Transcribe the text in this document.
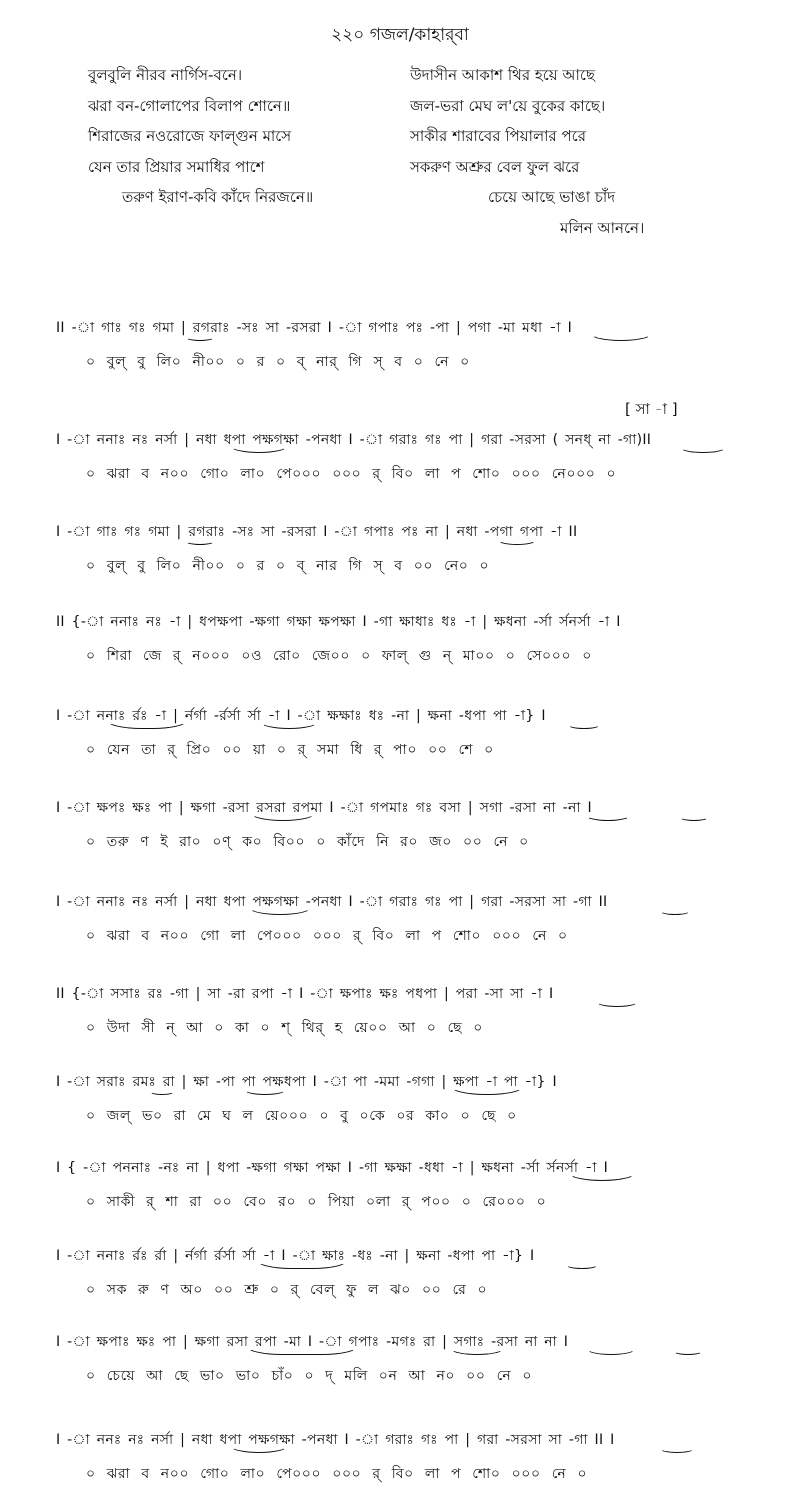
২২০ গজল/কাহার্‌বা
বুলবুলি নীরব নার্গিস-বনে।
ঝরা বন-গোলাপের বিলাপ শোনে॥
শিরাজের নওরোজে ফাল্গুন মাসে
যেন তার প্রিয়ার সমাধির পাশে
তরুণ ইরাণ-কবি কাঁদে নিরজনে॥
উদাসীন আকাশ থির হয়ে আছে
জল-ভরা মেঘ ল'য়ে বুকের কাছে।
সাকীর শারাবের পিয়ালার পরে
সকরুণ অশ্রুর বেল ফুল ঝরে
চেয়ে আছে ভাঙা চাঁদ
মলিন আননে।
[ সা -া ]
II -া গাঃ গঃ গমা | রগরাঃ -সঃ সা -রসরা I -া গপাঃ পঃ -পা | পগা -মা মধা -া I
০ বুল্ বু লি০ নী০০ ০ র ০ ব্ নার্ গি স্ ব ০ নে ০
I -া ননাঃ নঃ নর্সা | নধা ধপা পক্ষগক্ষা -পনধা I -া গরাঃ গঃ পা | গরা -সরসা ( সনধ্ না -গা)II
০ ঝরা ব ন০০ গো০ লা০ পে০০০ ০০০ র্ বি০ লা প শো০ ০০০ নে০০০ ০
I -া গাঃ গঃ গমা | রগরাঃ -সঃ সা -রসরা I -া গপাঃ পঃ না | নধা -পগা গপা -া II
০ বুল্ বু লি০ নী০০ ০ র ০ ব্ নার গি স্ ব ০০ নে০ ০
II {-া ননাঃ নঃ -া | ধপক্ষপা -ক্ষগা গক্ষা ক্ষপক্ষা I -গা ক্ষাধাঃ ধঃ -া | ক্ষধনা -র্সা র্সনর্সা -া I
০ শিরা জে র্ ন০০০ ০ও রো০ জে০০ ০ ফাল্ গু ন্ মা০০ ০ সে০০০ ০
I -া ননাঃ র্রঃ -া | র্নর্গা -র্রর্সা র্সা -া I -া ক্ষক্ষাঃ ধঃ -না | ক্ষনা -ধপা পা -া} I
০ যেন তা র্ প্রি০ ০০ য়া ০ র্ সমা ধি র্ পা০ ০০ শে ০
I -া ক্ষপঃ ক্ষঃ পা | ক্ষগা -রসা রসরা রপমা I -া গপমাঃ গঃ বসা | সগা -রসা না -না I
০ তরু ণ ই রা০ ০ণ্ ক০ বি০০ ০ কাঁদে নি র০ জ০ ০০ নে ০
I -া ননাঃ নঃ নর্সা | নধা ধপা পক্ষগক্ষা -পনধা I -া গরাঃ গঃ পা | গরা -সরসা সা -গা II
০ ঝরা ব ন০০ গো লা পে০০০ ০০০ র্ বি০ লা প শো০ ০০০ নে ০
II {-া সসাঃ রঃ -গা | সা -রা রপা -া I -া ক্ষপাঃ ক্ষঃ পধপা | পরা -সা সা -া I
০ উদা সী ন্ আ ০ কা ০ শ্ থির্ হ য়ে০০ আ ০ ছে ০
I -া সরাঃ রমঃ রা | ক্ষা -পা পা পক্ষধপা I -া পা -মমা -গগা | ক্ষপা -া পা -া} I
০ জল্ ভ০ রা মে ঘ ল য়ে০০০ ০ বু ০কে ০র কা০ ০ ছে ০
I { -া পননাঃ -নঃ না | ধপা -ক্ষগা গক্ষা পক্ষা I -গা ক্ষক্ষা -ধধা -া | ক্ষধনা -র্সা র্সনর্সা -া I
০ সাকী র্ শা রা ০০ বে০ র০ ০ পিয়া ০লা র্ প০০ ০ রে০০০ ০
I -া ননাঃ র্রঃ র্রা | র্নর্গা র্রর্সা র্সা -া I -া ক্ষাঃ -ধঃ -না | ক্ষনা -ধপা পা -া} I
০ সক রু ণ অ০ ০০ শ্রু ০ র্ বেল্ ফু ল ঝ০ ০০ রে ০
I -া ক্ষপাঃ ক্ষঃ পা | ক্ষগা রসা রপা -মা I -া গপাঃ -মগঃ রা | সগাঃ -রসা না না I
০ চেয়ে আ ছে ভা০ ভা০ চাঁ০ ০ দ্ মলি ০ন আ ন০ ০০ নে ০
I -া ননঃ নঃ নর্সা | নধা ধপা পক্ষগক্ষা -পনধা I -া গরাঃ গঃ পা | গরা -সরসা সা -গা II I
০ ঝরা ব ন০০ গো০ লা০ পে০০০ ০০০ র্ বি০ লা প শো০ ০০০ নে ০
